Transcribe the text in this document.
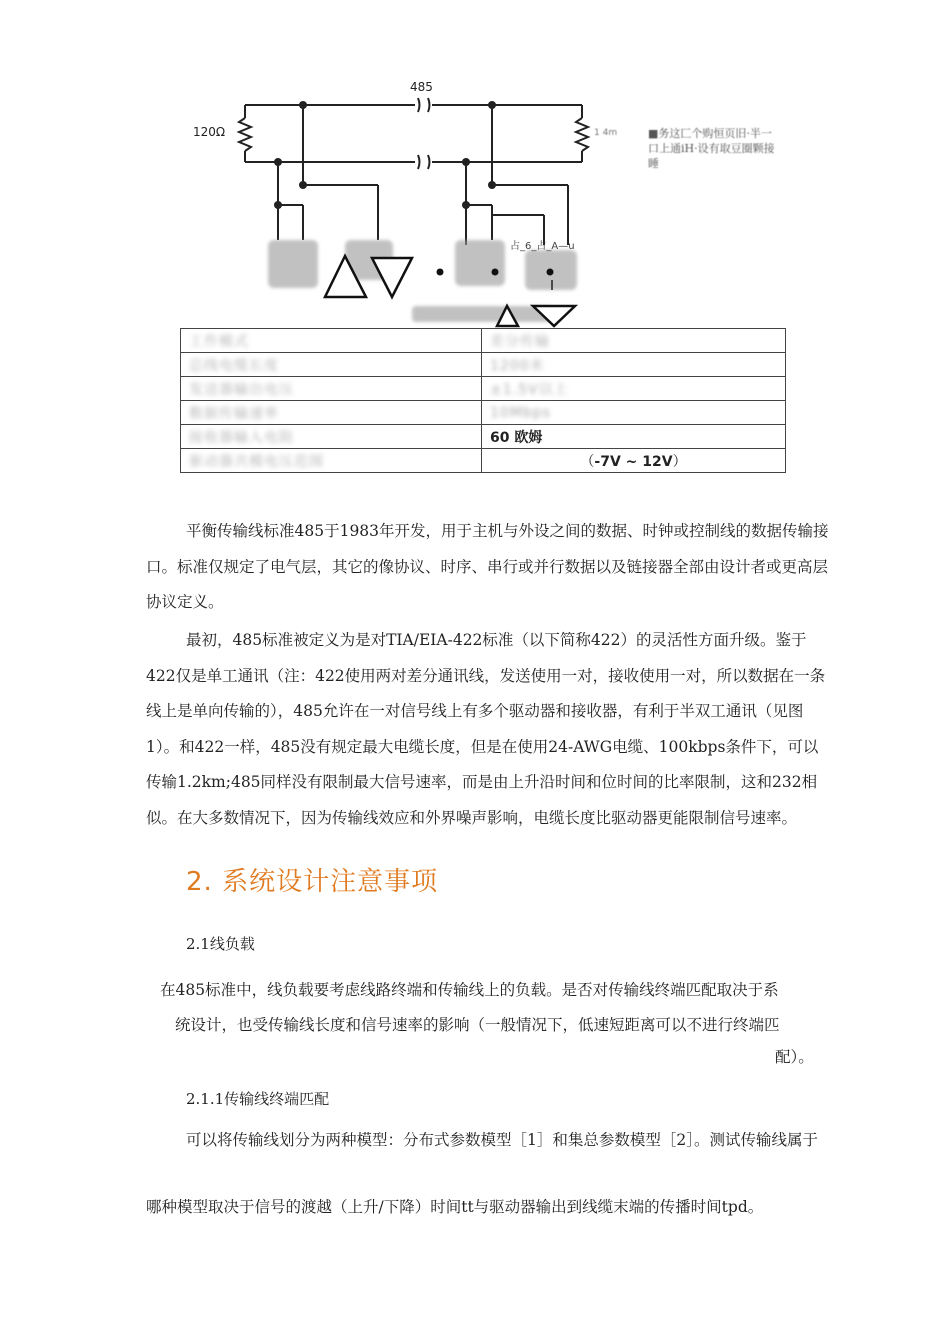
485
120Ω	1 4m	■务这匚个购恒页旧·半一口上通iH·设有取豆圈颗接睡
占_6_占_A—u
工作模式	差分传输
总线电缆长度	1200米
发送器输出电压	±1.5V以上
数据传输速率	10Mbps
接收器输入电阻	60 欧姆
驱动器共模电压范围	（-7V ~ 12V）
平衡传输线标准485于1983年开发，用于主机与外设之间的数据、时钟或控制线的数据传输接口。标准仅规定了电气层，其它的像协议、时序、串行或并行数据以及链接器全部由设计者或更高层协议定义。
最初，485标准被定义为是对TIA/EIA-422标准（以下简称422）的灵活性方面升级。鉴于422仅是单工通讯（注：422使用两对差分通讯线，发送使用一对，接收使用一对，所以数据在一条线上是单向传输的），485允许在一对信号线上有多个驱动器和接收器，有利于半双工通讯（见图1）。和422一样，485没有规定最大电缆长度，但是在使用24-AWG电缆、100kbps条件下，可以传输1.2km;485同样没有限制最大信号速率，而是由上升沿时间和位时间的比率限制，这和232相似。在大多数情况下，因为传输线效应和外界噪声影响，电缆长度比驱动器更能限制信号速率。
2. 系统设计注意事项
2.1线负载
在485标准中，线负载要考虑线路终端和传输线上的负载。是否对传输线终端匹配取决于系
统设计，也受传输线长度和信号速率的影响（一般情况下，低速短距离可以不进行终端匹
配）。
2.1.1传输线终端匹配
可以将传输线划分为两种模型：分布式参数模型［1］和集总参数模型［2］。测试传输线属于
哪种模型取决于信号的渡越（上升/下降）时间tt与驱动器输出到线缆末端的传播时间tpd。
